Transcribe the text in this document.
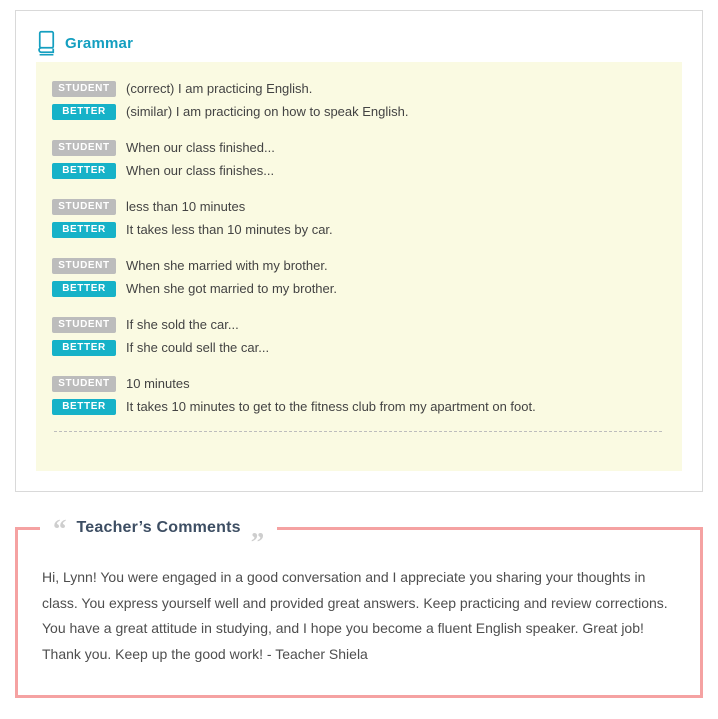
Grammar
STUDENT	(correct) I am practicing English.
BETTER	(similar) I am practicing on how to speak English.
STUDENT	When our class finished...
BETTER	When our class finishes...
STUDENT	less than 10 minutes
BETTER	It takes less than 10 minutes by car.
STUDENT	When she married with my brother.
BETTER	When she got married to my brother.
STUDENT	If she sold the car...
BETTER	If she could sell the car...
STUDENT	10 minutes
BETTER	It takes 10 minutes to get to the fitness club from my apartment on foot.
“ Teacher’s Comments ”

Hi, Lynn! You were engaged in a good conversation and I appreciate you sharing your thoughts in class. You express yourself well and provided great answers. Keep practicing and review corrections. You have a great attitude in studying, and I hope you become a fluent English speaker. Great job! Thank you. Keep up the good work! - Teacher Shiela
